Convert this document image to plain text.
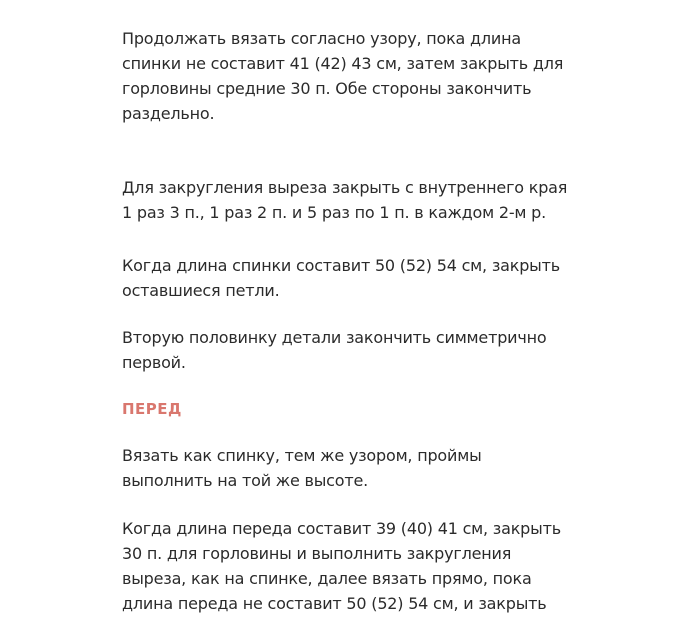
Продолжать вязать согласно узору, пока длина
спинки не составит 41 (42) 43 см, затем закрыть для
горловины средние 30 п. Обе стороны закончить
раздельно.

Для закругления выреза закрыть с внутреннего края
1 раз 3 п., 1 раз 2 п. и 5 раз по 1 п. в каждом 2-м р.

Когда длина спинки составит 50 (52) 54 см, закрыть
оставшиеся петли.

Вторую половинку детали закончить симметрично
первой.

ПЕРЕД

Вязать как спинку, тем же узором, проймы
выполнить на той же высоте.

Когда длина переда составит 39 (40) 41 см, закрыть
30 п. для горловины и выполнить закругления
выреза, как на спинке, далее вязать прямо, пока
длина переда не составит 50 (52) 54 см, и закрыть
